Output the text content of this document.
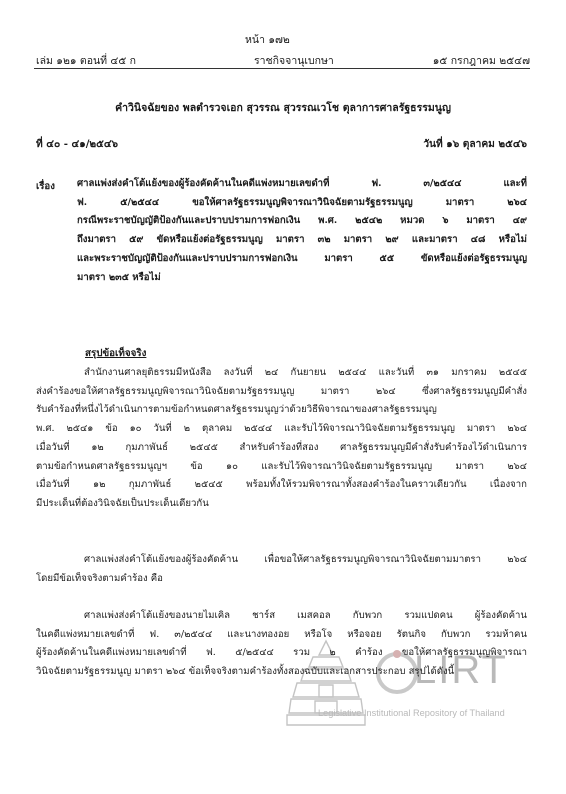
หน้า ๑๗๒
เล่ม ๑๒๑ ตอนที่ ๔๕ ก	ราชกิจจานุเบกษา	๑๕ กรกฎาคม ๒๕๔๗
คำวินิจฉัยของ พลตำรวจเอก สุวรรณ สุวรรณเวโช ตุลาการศาลรัฐธรรมนูญ
ที่ ๔๐ - ๔๑/๒๕๔๖	วันที่ ๑๖ ตุลาคม ๒๕๔๖
เรื่อง ศาลแพ่งส่งคำโต้แย้งของผู้ร้องคัดค้านในคดีแพ่งหมายเลขดำที่ ฟ. ๓/๒๕๔๔ และที่
ฟ. ๕/๒๕๔๔ ขอให้ศาลรัฐธรรมนูญพิจารณาวินิจฉัยตามรัฐธรรมนูญ มาตรา ๒๖๔
กรณีพระราชบัญญัติป้องกันและปราบปรามการฟอกเงิน พ.ศ. ๒๕๔๒ หมวด ๖ มาตรา ๔๙
ถึงมาตรา ๕๙ ขัดหรือแย้งต่อรัฐธรรมนูญ มาตรา ๓๒ มาตรา ๒๙ และมาตรา ๔๘ หรือไม่
และพระราชบัญญัติป้องกันและปราบปรามการฟอกเงิน มาตรา ๕๕ ขัดหรือแย้งต่อรัฐธรรมนูญ
มาตรา ๒๓๕ หรือไม่
สรุปข้อเท็จจริง
สำนักงานศาลยุติธรรมมีหนังสือ ลงวันที่ ๒๔ กันยายน ๒๕๔๔ และวันที่ ๓๑ มกราคม ๒๕๔๕
ส่งคำร้องขอให้ศาลรัฐธรรมนูญพิจารณาวินิจฉัยตามรัฐธรรมนูญ มาตรา ๒๖๔ ซึ่งศาลรัฐธรรมนูญมีคำสั่ง
รับคำร้องที่หนึ่งไว้ดำเนินการตามข้อกำหนดศาลรัฐธรรมนูญว่าด้วยวิธีพิจารณาของศาลรัฐธรรมนูญ
พ.ศ. ๒๕๔๑ ข้อ ๑๐ วันที่ ๒ ตุลาคม ๒๕๔๔ และรับไว้พิจารณาวินิจฉัยตามรัฐธรรมนูญ มาตรา ๒๖๔
เมื่อวันที่ ๑๒ กุมภาพันธ์ ๒๕๔๕ สำหรับคำร้องที่สอง ศาลรัฐธรรมนูญมีคำสั่งรับคำร้องไว้ดำเนินการ
ตามข้อกำหนดศาลรัฐธรรมนูญฯ ข้อ ๑๐ และรับไว้พิจารณาวินิจฉัยตามรัฐธรรมนูญ มาตรา ๒๖๔
เมื่อวันที่ ๑๒ กุมภาพันธ์ ๒๕๔๕ พร้อมทั้งให้รวมพิจารณาทั้งสองคำร้องในคราวเดียวกัน เนื่องจาก
มีประเด็นที่ต้องวินิจฉัยเป็นประเด็นเดียวกัน
ศาลแพ่งส่งคำโต้แย้งของผู้ร้องคัดค้าน เพื่อขอให้ศาลรัฐธรรมนูญพิจารณาวินิจฉัยตามมาตรา ๒๖๔
โดยมีข้อเท็จจริงตามคำร้อง คือ
LIRT
Legislative Institutional Repository of Thailand
ศาลแพ่งส่งคำโต้แย้งของนายไมเคิล ชาร์ส เมสคอล กับพวก รวมแปดคน ผู้ร้องคัดค้าน
ในคดีแพ่งหมายเลขดำที่ ฟ. ๓/๒๕๔๔ และนางทองอย หรือโจ หรือจอย รัตนกิจ กับพวก รวมห้าคน
ผู้ร้องคัดค้านในคดีแพ่งหมายเลขดำที่ ฟ. ๕/๒๕๔๔ รวม ๒ คำร้อง ขอให้ศาลรัฐธรรมนูญพิจารณา
วินิจฉัยตามรัฐธรรมนูญ มาตรา ๒๖๔ ข้อเท็จจริงตามคำร้องทั้งสองฉบับและเอกสารประกอบ สรุปได้ดังนี้
